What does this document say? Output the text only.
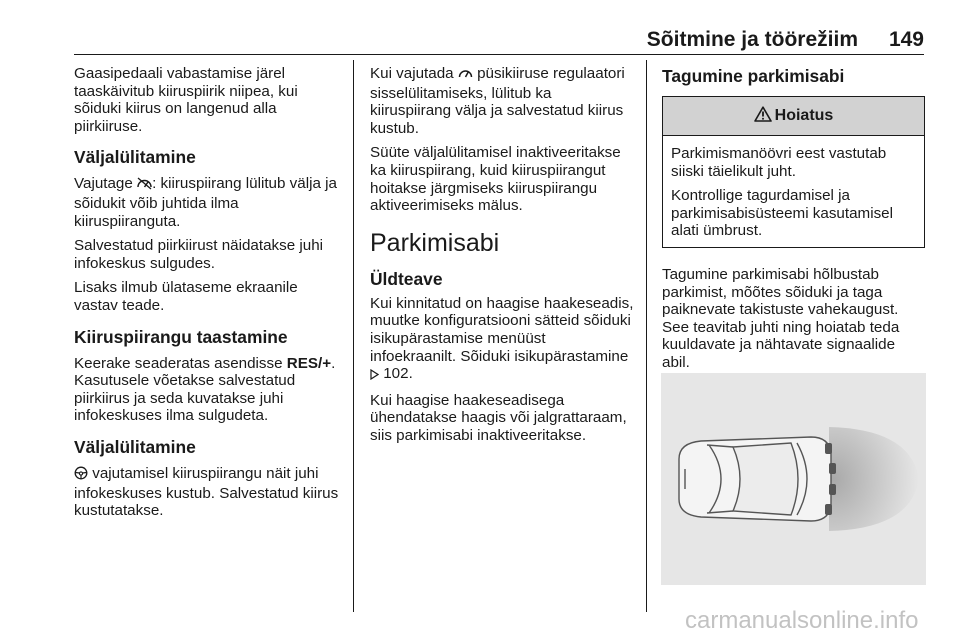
Sõitmine ja töörežiim 149

Gaasipedaali vabastamise järel taaskäivitub kiiruspiirik niipea, kui sõiduki kiirus on langenud alla piirkiiruse.

Väljalülitamine

Vajutage : kiiruspiirang lülitub välja ja sõidukit võib juhtida ilma kiiruspiiranguta.

Salvestatud piirkiirust näidatakse juhi infokeskus sulgudes.

Lisaks ilmub ülataseme ekraanile vastav teade.

Kiiruspiirangu taastamine

Keerake seaderatas asendisse RES/+. Kasutusele võetakse salvestatud piirkiirus ja seda kuvatakse juhi infokeskuses ilma sulgudeta.

Väljalülitamine

vajutamisel kiiruspiirangu näit juhi infokeskuses kustub. Salvestatud kiirus kustutatakse.

Kui vajutada püsikiiruse regulaatori sisselülitamiseks, lülitub ka kiiruspiirang välja ja salvestatud kiirus kustub.

Süüte väljalülitamisel inaktiveeritakse ka kiiruspiirang, kuid kiiruspiirangut hoitakse järgmiseks kiiruspiirangu aktiveerimiseks mälus.

Parkimisabi
Üldteave

Kui kinnitatud on haagise haakeseadis, muutke konfiguratsiooni sätteid sõiduki isikupärastamise menüüst infoekraanilt. Sõiduki isikupärastamine  102.

Kui haagise haakeseadisega ühendatakse haagis või jalgrattaraam, siis parkimisabi inaktiveeritakse.

Tagumine parkimisabi
Hoiatus

Parkimismanöövri eest vastutab siiski täielikult juht.

Kontrollige tagurdamisel ja parkimisabisüsteemi kasutamisel alati ümbrust.

Tagumine parkimisabi hõlbustab parkimist, mõõtes sõiduki ja taga paiknevate takistuste vahekaugust. See teavitab juhti ning hoiatab teda kuuldavate ja nähtavate signaalide abil.

carmanualsonline.info
